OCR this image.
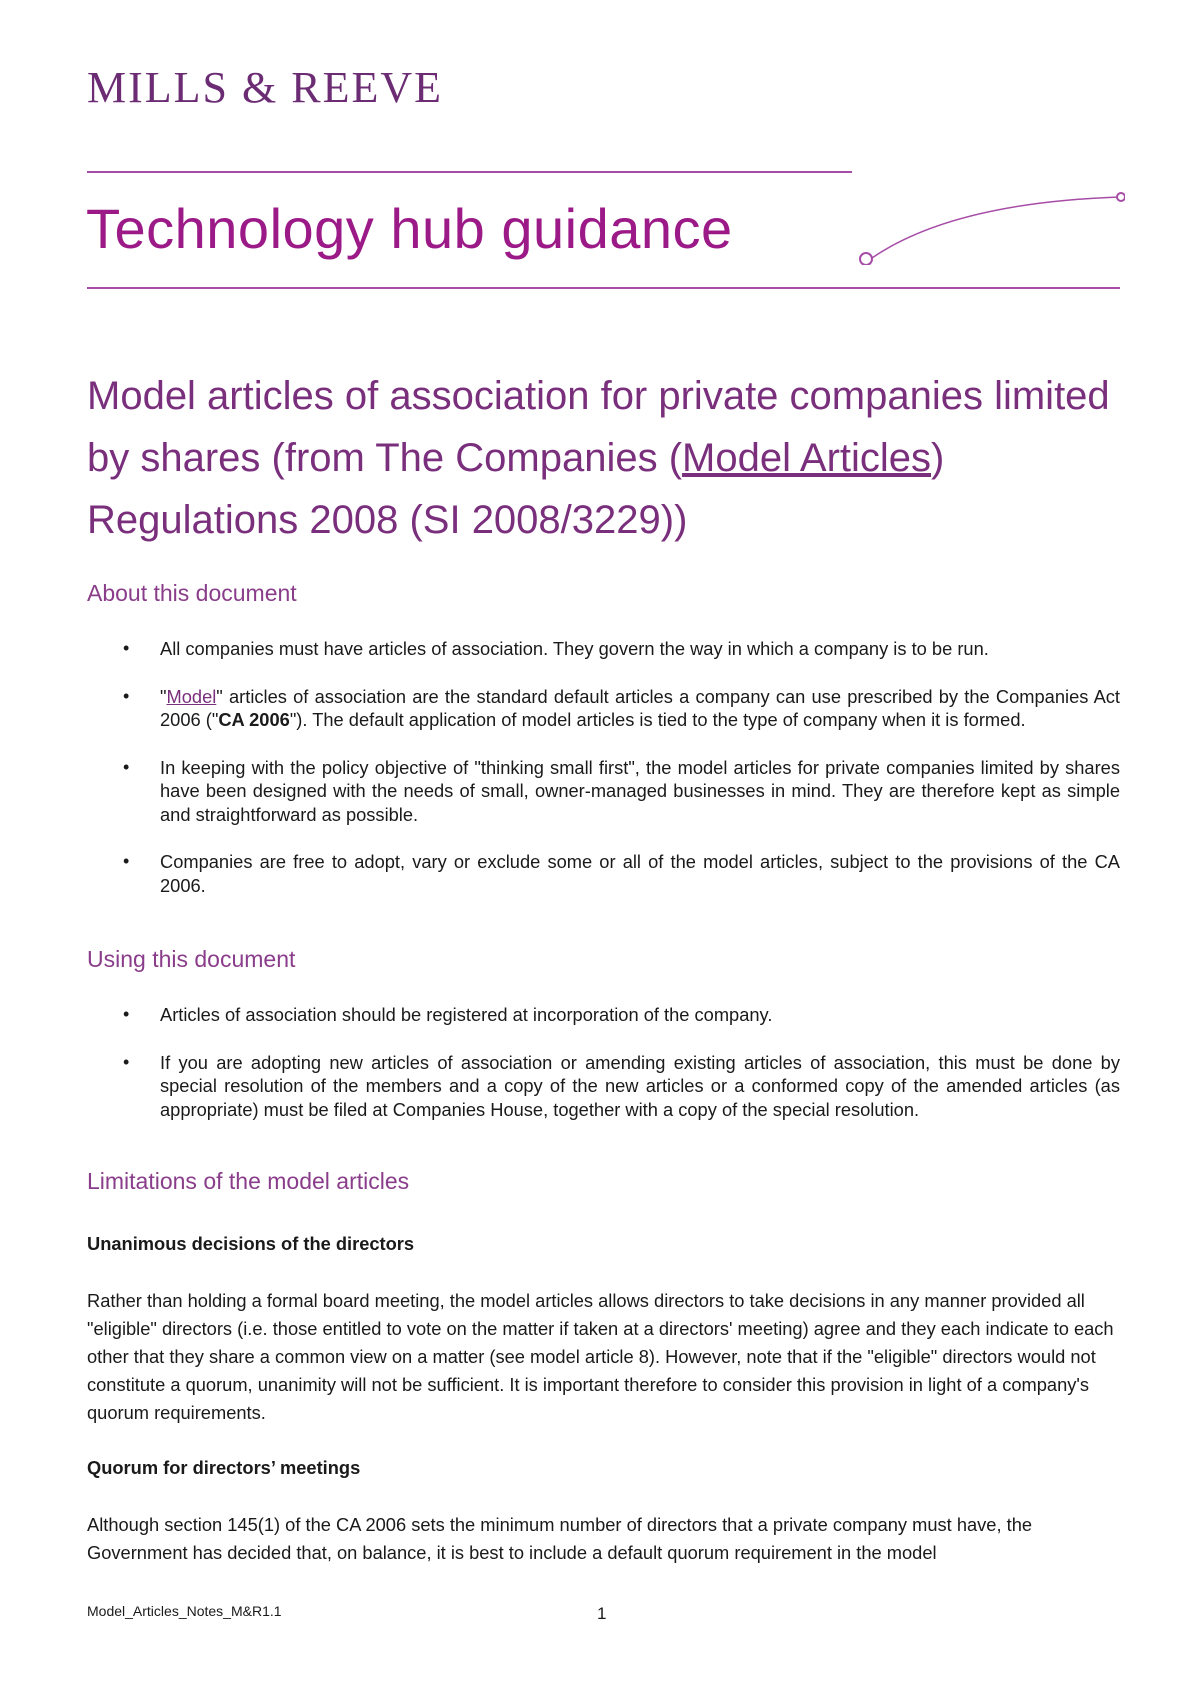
MILLS & REEVE
Technology hub guidance
Model articles of association for private companies limited by shares (from The Companies (Model Articles) Regulations 2008 (SI 2008/3229))
About this document
• All companies must have articles of association. They govern the way in which a company is to be run.
• "Model" articles of association are the standard default articles a company can use prescribed by the Companies Act 2006 ("CA 2006"). The default application of model articles is tied to the type of company when it is formed.
• In keeping with the policy objective of "thinking small first", the model articles for private companies limited by shares have been designed with the needs of small, owner-managed businesses in mind. They are therefore kept as simple and straightforward as possible.
• Companies are free to adopt, vary or exclude some or all of the model articles, subject to the provisions of the CA 2006.
Using this document
• Articles of association should be registered at incorporation of the company.
• If you are adopting new articles of association or amending existing articles of association, this must be done by special resolution of the members and a copy of the new articles or a conformed copy of the amended articles (as appropriate) must be filed at Companies House, together with a copy of the special resolution.
Limitations of the model articles
Unanimous decisions of the directors

Rather than holding a formal board meeting, the model articles allows directors to take decisions in any manner provided all "eligible" directors (i.e. those entitled to vote on the matter if taken at a directors' meeting) agree and they each indicate to each other that they share a common view on a matter (see model article 8). However, note that if the "eligible" directors would not constitute a quorum, unanimity will not be sufficient. It is important therefore to consider this provision in light of a company's quorum requirements.

Quorum for directors’ meetings

Although section 145(1) of the CA 2006 sets the minimum number of directors that a private company must have, the Government has decided that, on balance, it is best to include a default quorum requirement in the model

Model_Articles_Notes_M&R1.1	1
